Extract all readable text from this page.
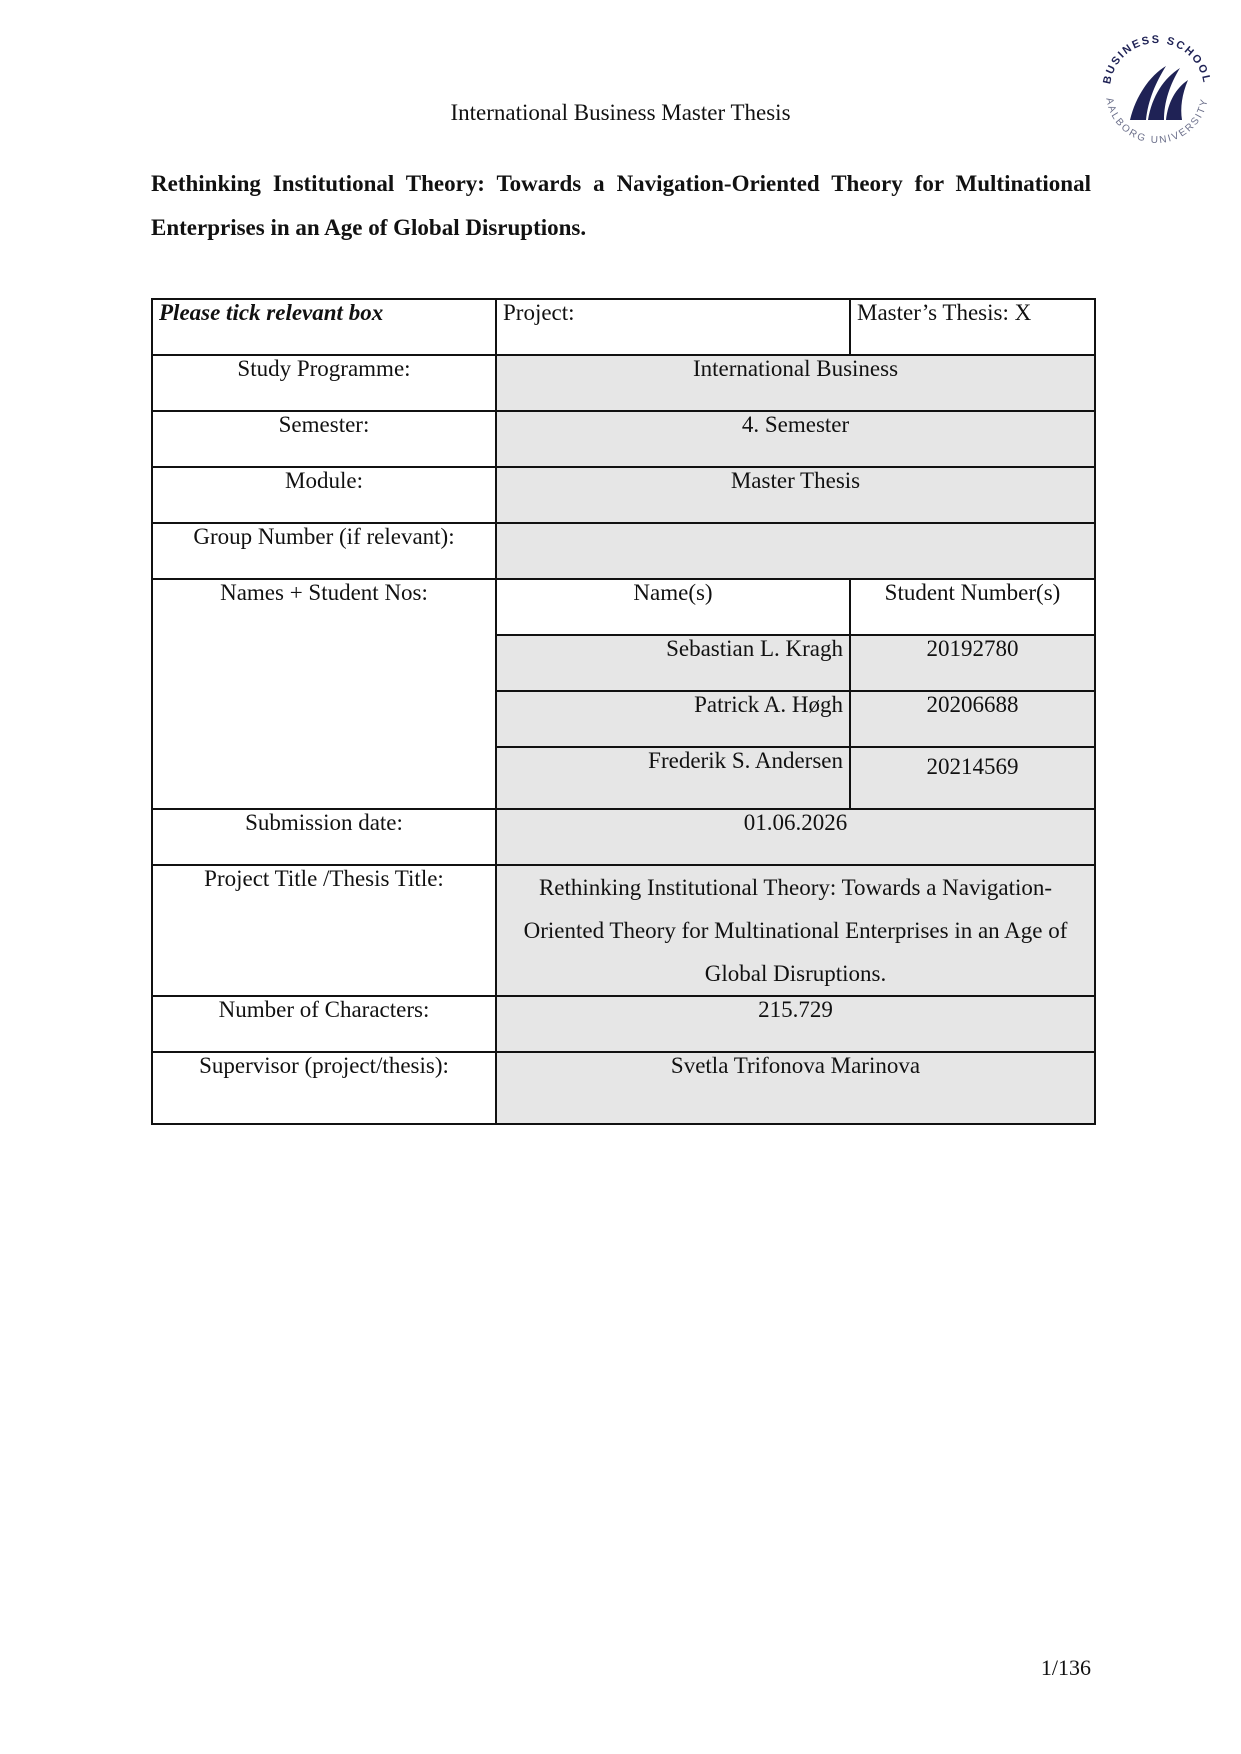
International Business Master Thesis
BUSINESS SCHOOL
AALBORG UNIVERSITY
Rethinking Institutional Theory: Towards a Navigation-Oriented Theory for Multinational Enterprises in an Age of Global Disruptions.
Please tick relevant box	Project:	Master’s Thesis: X
Study Programme:	International Business	
Semester:	4. Semester	
Module:	Master Thesis	
Group Number (if relevant):		
Names + Student Nos:	Name(s)	Student Number(s)
	Sebastian L. Kragh	20192780
	Patrick A. Høgh	20206688
	Frederik S. Andersen	20214569
Submission date:	01.06.2026	
Project Title /Thesis Title:	Rethinking Institutional Theory: Towards a Navigation-Oriented Theory for Multinational Enterprises in an Age of Global Disruptions.	
Number of Characters:	215.729	
Supervisor (project/thesis):	Svetla Trifonova Marinova	
1/136
